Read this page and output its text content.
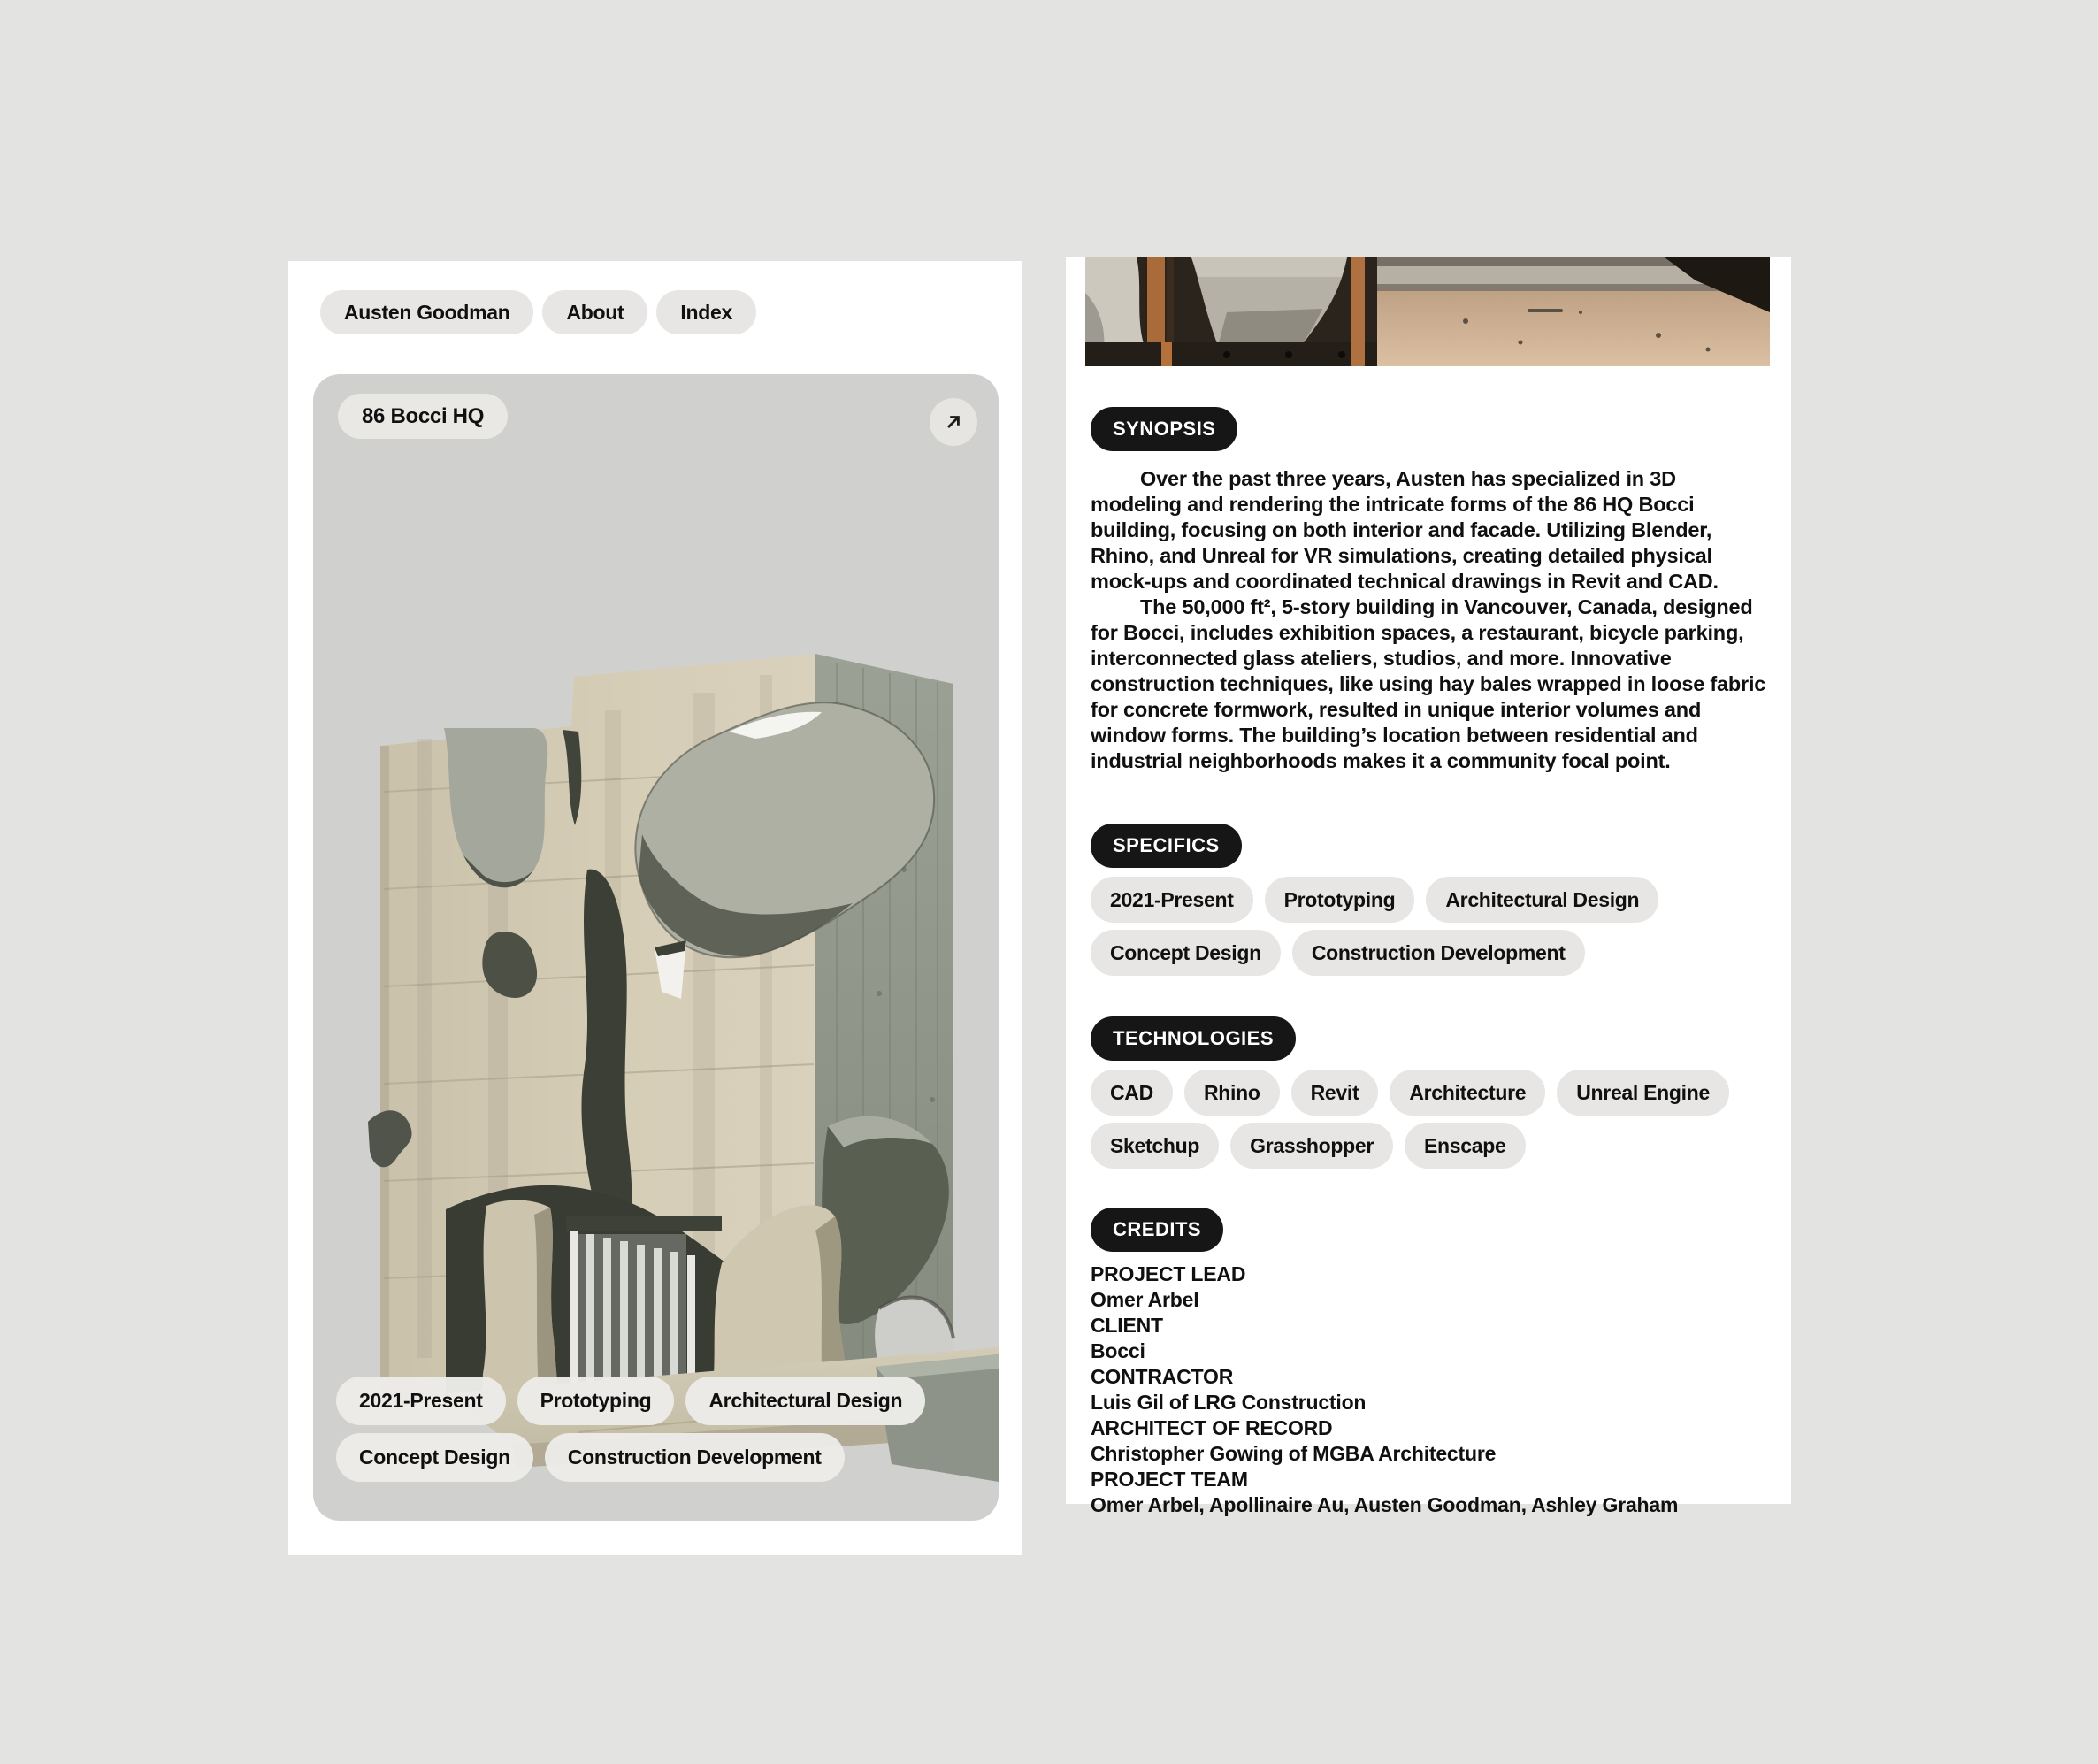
Austen Goodman	About	Index
86 Bocci HQ
2021-Present	Prototyping	Architectural Design
Concept Design	Construction Development
SYNOPSIS

Over the past three years, Austen has specialized in 3D modeling and rendering the intricate forms of the 86 HQ Bocci building, focusing on both interior and facade. Utilizing Blender, Rhino, and Unreal for VR simulations, creating detailed physical mock-ups and coordinated technical drawings in Revit and CAD.

The 50,000 ft², 5-story building in Vancouver, Canada, designed for Bocci, includes exhibition spaces, a restaurant, bicycle parking, interconnected glass ateliers, studios, and more. Innovative construction techniques, like using hay bales wrapped in loose fabric for concrete formwork, resulted in unique interior volumes and window forms. The building’s location between residential and industrial neighborhoods makes it a community focal point.

SPECIFICS
2021-Present	Prototyping	Architectural Design
Concept Design	Construction Development
TECHNOLOGIES
CAD	Rhino	Revit	Architecture	Unreal Engine
Sketchup	Grasshopper	Enscape
CREDITS
PROJECT LEAD
Omer Arbel
CLIENT
Bocci
CONTRACTOR
Luis Gil of LRG Construction
ARCHITECT OF RECORD
Christopher Gowing of MGBA Architecture
PROJECT TEAM
Omer Arbel, Apollinaire Au, Austen Goodman, Ashley Graham
